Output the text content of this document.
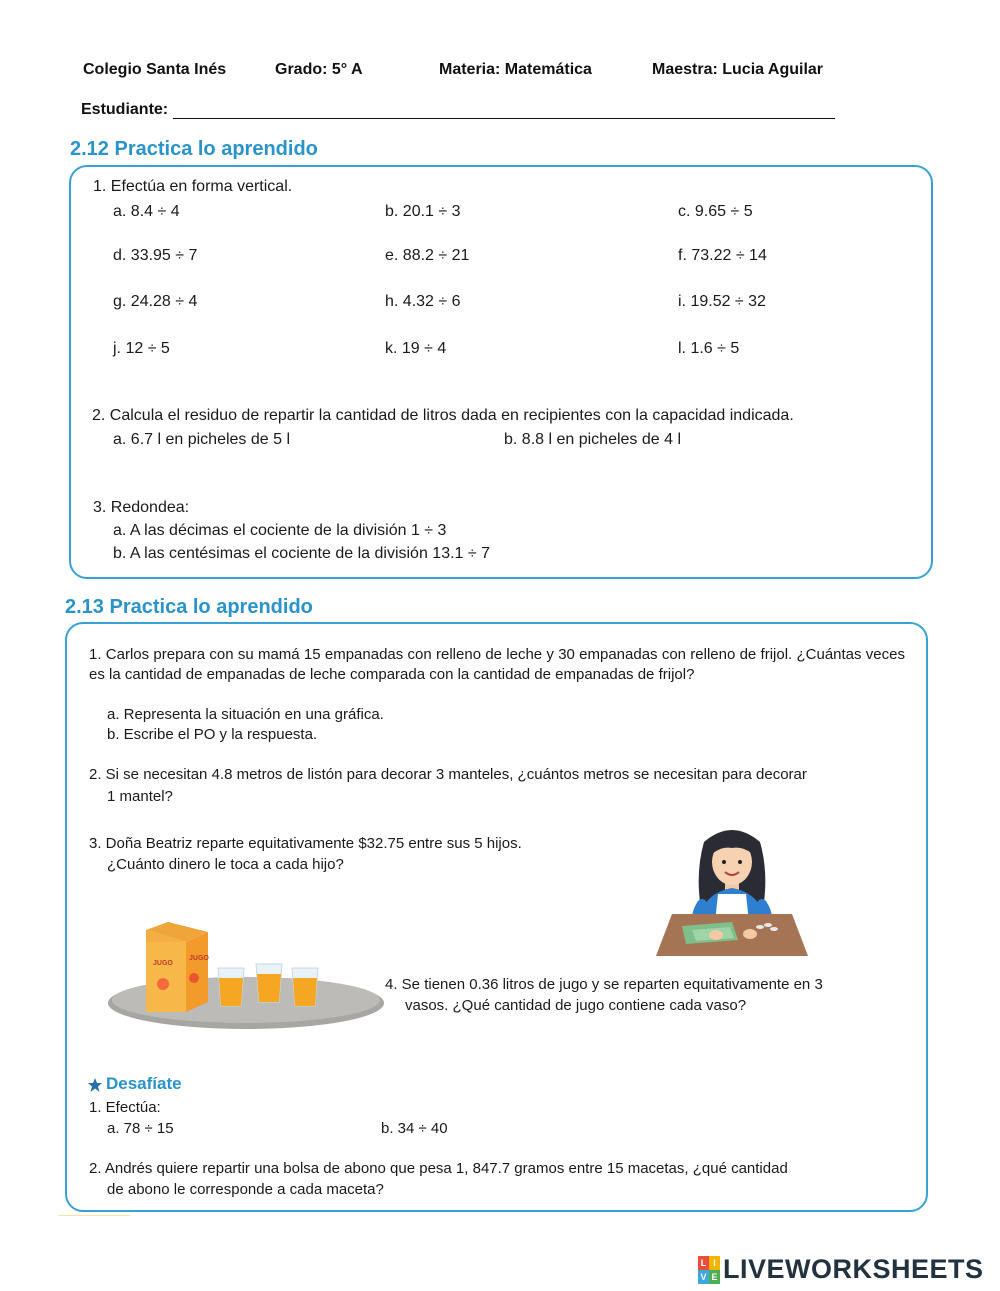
Colegio Santa Inés	Grado: 5° A	Materia: Matemática	Maestra: Lucia Aguilar
Estudiante:
2.12 Practica lo aprendido
1. Efectúa en forma vertical.
a. 8.4 ÷ 4	b. 20.1 ÷ 3	c. 9.65 ÷ 5
d. 33.95 ÷ 7	e. 88.2 ÷ 21	f. 73.22 ÷ 14
g. 24.28 ÷ 4	h. 4.32 ÷ 6	i. 19.52 ÷ 32
j. 12 ÷ 5	k. 19 ÷ 4	l. 1.6 ÷ 5
2. Calcula el residuo de repartir la cantidad de litros dada en recipientes con la capacidad indicada.
a. 6.7 l en picheles de 5 l	b. 8.8 l en picheles de 4 l
3. Redondea:
a. A las décimas el cociente de la división 1 ÷ 3
b. A las centésimas el cociente de la división 13.1 ÷ 7
2.13 Practica lo aprendido
1. Carlos prepara con su mamá 15 empanadas con relleno de leche y 30 empanadas con relleno de frijol. ¿Cuántas veces es la cantidad de empanadas de leche comparada con la cantidad de empanadas de frijol?
a. Representa la situación en una gráfica.
b. Escribe el PO y la respuesta.
2. Si se necesitan 4.8 metros de listón para decorar 3 manteles, ¿cuántos metros se necesitan para decorar
1 mantel?
3. Doña Beatriz reparte equitativamente $32.75 entre sus 5 hijos.
¿Cuánto dinero le toca a cada hijo?
JUGO
JUGO
4. Se tienen 0.36 litros de jugo y se reparten equitativamente en 3
vasos. ¿Qué cantidad de jugo contiene cada vaso?
Desafíate
1. Efectúa:
a. 78 ÷ 15	b. 34 ÷ 40
2. Andrés quiere repartir una bolsa de abono que pesa 1, 847.7 gramos entre 15 macetas, ¿qué cantidad
de abono le corresponde a cada maceta?
L I
V E LIVEWORKSHEETS
